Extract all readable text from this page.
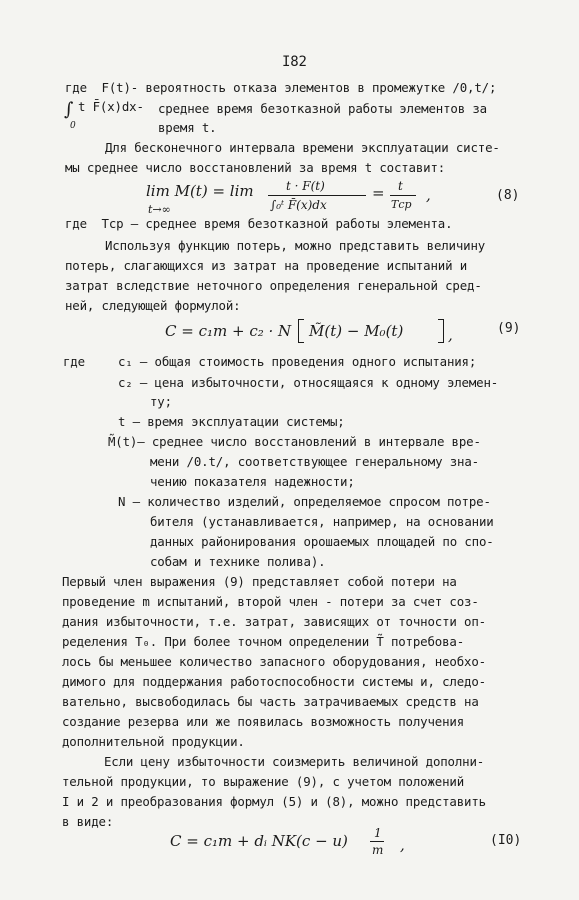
I82
где  F(t)- вероятность отказа элементов в промежутке /0,t/;
∫
0
t F̄(x)dx- среднее время безотказной работы элементов за
время t.
Для бесконечного интервала времени эксплуатации систе-
мы среднее число восстановлений за время t составит:
lim M(t) = lim
t→∞
t · F(t)
∫₀ᵗ F̄(x)dx
= t
Tср
,	(8)
где  Tср – среднее время безотказной работы элемента.
Используя функцию потерь, можно представить величину
потерь, слагающихся из затрат на проведение испытаний и
затрат вследствие неточного определения генеральной сред-
ней, следующей формулой:
C = c₁m + c₂ · N M̃(t) − M₀(t)	,	(9)
где	c₁ – общая стоимость проведения одного испытания;
c₂ – цена избыточности, относящаяся к одному элемен-
ту;
t – время эксплуатации системы;
M̃(t)– среднее число восстановлений в интервале вре-
мени /0.t/, соответствующее генеральному зна-
чению показателя надежности;
N – количество изделий, определяемое спросом потре-
бителя (устанавливается, например, на основании
данных районирования орошаемых площадей по спо-
собам и технике полива).
Первый член выражения (9) представляет собой потери на
проведение m испытаний, второй член - потери за счет соз-
дания избыточности, т.е. затрат, зависящих от точности оп-
ределения T₀. При более точном определении T̃ потребова-
лось бы меньшее количество запасного оборудования, необхо-
димого для поддержания работоспособности системы и, следо-
вательно, высвободилась бы часть затрачиваемых средств на
создание резерва или же появилась возможность получения
дополнительной продукции.
Если цену избыточности соизмерить величиной дополни-
тельной продукции, то выражение (9), с учетом положений
I и 2 и преобразования формул (5) и (8), можно представить
в виде:
C = c₁m + dᵢ NK(c − u) 1
m ,	(I0)
